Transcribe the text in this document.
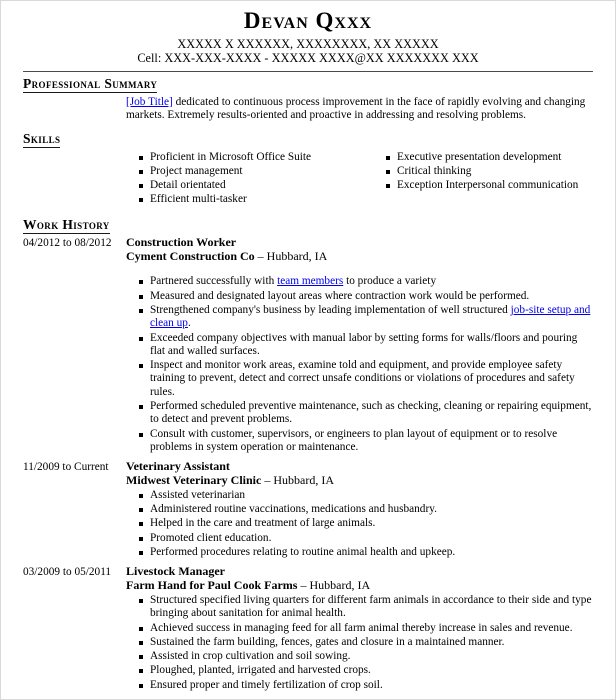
Devan Qxxx
XXXXX X XXXXXX, XXXXXXXX, XX XXXXX
Cell: XXX-XXX-XXXX - XXXXX XXXX@XX XXXXXXX XXX
Professional Summary
[Job Title] dedicated to continuous process improvement in the face of rapidly evolving and changing markets. Extremely results-oriented and proactive in addressing and resolving problems.
Skills
Proficient in Microsoft Office Suite
Project management
Detail orientated
Efficient multi-tasker
Executive presentation development
Critical thinking
Exception Interpersonal communication
Work History
04/2012 to 08/2012	Construction Worker
Cyment Construction Co – Hubbard, IA
Partnered successfully with team members to produce a variety
Measured and designated layout areas where contraction work would be performed.
Strengthened company's business by leading implementation of well structured job-site setup and clean up.
Exceeded company objectives with manual labor by setting forms for walls/floors and pouring flat and walled surfaces.
Inspect and monitor work areas, examine told and equipment, and provide employee safety training to prevent, detect and correct unsafe conditions or violations of procedures and safety rules.
Performed scheduled preventive maintenance, such as checking, cleaning or repairing equipment, to detect and prevent problems.
Consult with customer, supervisors, or engineers to plan layout of equipment or to resolve problems in system operation or maintenance.
11/2009 to Current	Veterinary Assistant
Midwest Veterinary Clinic – Hubbard, IA
Assisted veterinarian
Administered routine vaccinations, medications and husbandry.
Helped in the care and treatment of large animals.
Promoted client education.
Performed procedures relating to routine animal health and upkeep.
03/2009 to 05/2011	Livestock Manager
Farm Hand for Paul Cook Farms – Hubbard, IA
Structured specified living quarters for different farm animals in accordance to their side and type bringing about sanitation for animal health.
Achieved success in managing feed for all farm animal thereby increase in sales and revenue.
Sustained the farm building, fences, gates and closure in a maintained manner.
Assisted in crop cultivation and soil sowing.
Ploughed, planted, irrigated and harvested crops.
Ensured proper and timely fertilization of crop soil.
